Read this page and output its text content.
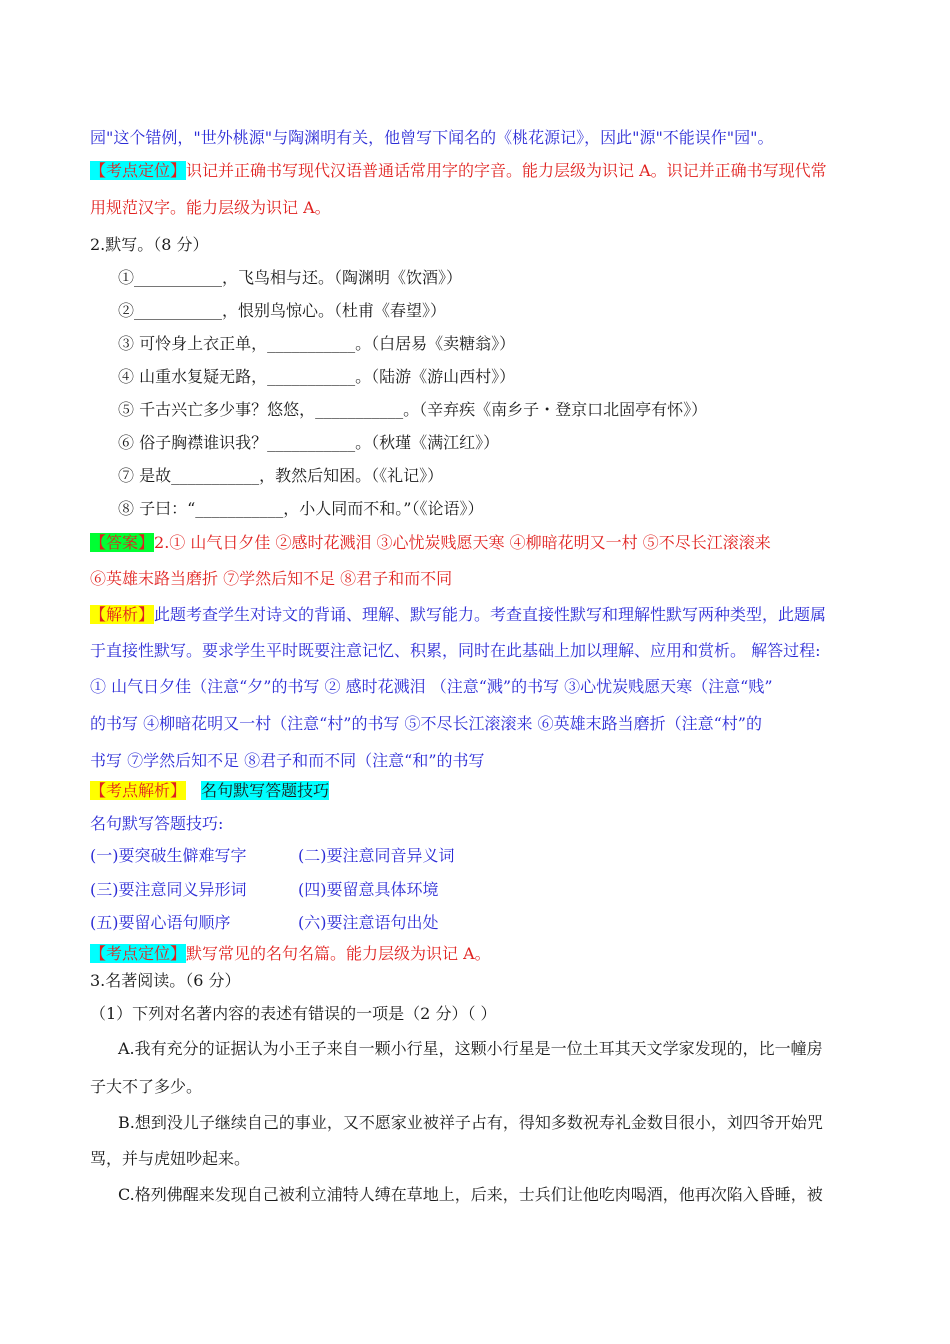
园"这个错例，"世外桃源"与陶渊明有关，他曾写下闻名的《桃花源记》，因此"源"不能误作"园"。
【考点定位】识记并正确书写现代汉语普通话常用字的字音。能力层级为识记 A。识记并正确书写现代常
用规范汉字。能力层级为识记 A。
2.默写。（8 分）
①___________，飞鸟相与还。（陶渊明《饮酒》）
②___________，恨别鸟惊心。（杜甫《春望》）
③ 可怜身上衣正单，___________。（白居易《卖糖翁》）
④ 山重水复疑无路，___________。（陆游《游山西村》）
⑤ 千古兴亡多少事？悠悠，___________。（辛弃疾《南乡子・登京口北固亭有怀》）
⑥ 俗子胸襟谁识我？___________。（秋瑾《满江红》）
⑦ 是故___________，教然后知困。（《礼记》）
⑧ 子曰：“___________，小人同而不和。”（《论语》）
【答案】2.① 山气日夕佳 ②感时花溅泪 ③心忧炭贱愿天寒 ④柳暗花明又一村 ⑤不尽长江滚滚来
⑥英雄末路当磨折 ⑦学然后知不足 ⑧君子和而不同
【解析】此题考查学生对诗文的背诵、理解、默写能力。考查直接性默写和理解性默写两种类型，此题属
于直接性默写。要求学生平时既要注意记忆、积累，同时在此基础上加以理解、应用和赏析。 解答过程:
① 山气日夕佳（注意“夕”的书写 ② 感时花溅泪 （注意“溅”的书写 ③心忧炭贱愿天寒（注意“贱”
的书写 ④柳暗花明又一村（注意“村”的书写 ⑤不尽长江滚滚来 ⑥英雄末路当磨折（注意“村”的
书写 ⑦学然后知不足 ⑧君子和而不同（注意“和”的书写
【考点解析】 名句默写答题技巧
名句默写答题技巧:
(一)要突破生僻难写字	(二)要注意同音异义词
(三)要注意同义异形词	(四)要留意具体环境
(五)要留心语句顺序	(六)要注意语句出处
【考点定位】默写常见的名句名篇。能力层级为识记 A。
3.名著阅读。（6 分）
（1）下列对名著内容的表述有错误的一项是（2 分）（ ）
A.我有充分的证据认为小王子来自一颗小行星，这颗小行星是一位土耳其天文学家发现的，比一幢房
子大不了多少。
B.想到没儿子继续自己的事业，又不愿家业被祥子占有，得知多数祝寿礼金数目很小，刘四爷开始咒
骂，并与虎妞吵起来。
C.格列佛醒来发现自己被利立浦特人缚在草地上，后来，士兵们让他吃肉喝酒，他再次陷入昏睡，被
